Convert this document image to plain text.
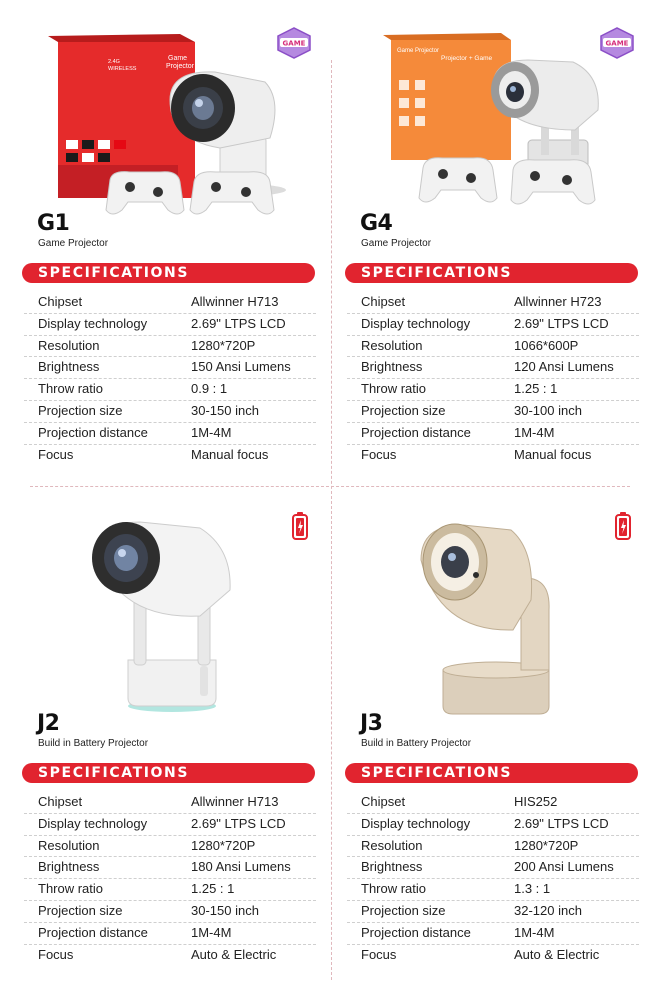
2.4G
WIRELESS
Game
Projector
GAME
G1
Game Projector
SPECIFICATIONS
Chipset	Allwinner H713
Display technology	2.69" LTPS LCD
Resolution	1280*720P
Brightness	150 Ansi Lumens
Throw ratio	0.9 : 1
Projection size	30-150 inch
Projection distance	1M-4M
Focus	Manual focus
Game Projector
Projector + Game
GAME
G4
Game Projector
SPECIFICATIONS
Chipset	Allwinner H723
Display technology	2.69" LTPS LCD
Resolution	1066*600P
Brightness	120 Ansi Lumens
Throw ratio	1.25 : 1
Projection size	30-100 inch
Projection distance	1M-4M
Focus	Manual focus
J2
Build in Battery Projector
SPECIFICATIONS
Chipset	Allwinner H713
Display technology	2.69" LTPS LCD
Resolution	1280*720P
Brightness	180 Ansi Lumens
Throw ratio	1.25 : 1
Projection size	30-150 inch
Projection distance	1M-4M
Focus	Auto & Electric
J3
Build in Battery Projector
SPECIFICATIONS
Chipset	HIS252
Display technology	2.69" LTPS LCD
Resolution	1280*720P
Brightness	200 Ansi Lumens
Throw ratio	1.3 : 1
Projection size	32-120 inch
Projection distance	1M-4M
Focus	Auto & Electric
